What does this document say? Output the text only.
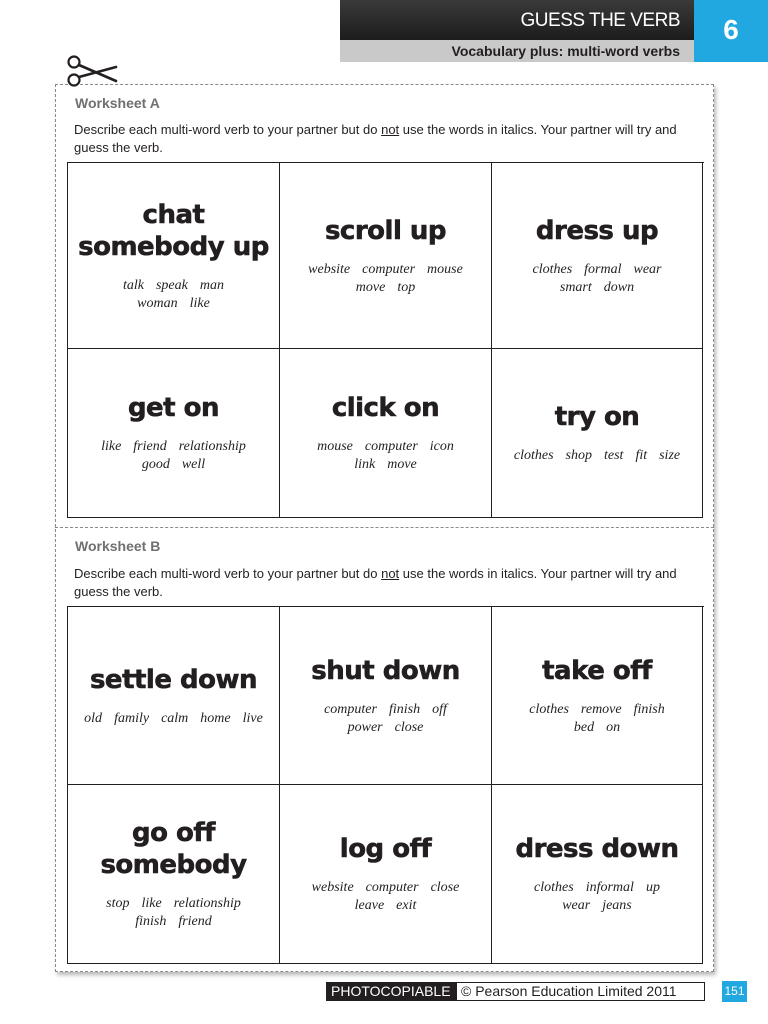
GUESS THE VERB
Vocabulary plus: multi-word verbs
6
Worksheet A
Describe each multi-word verb to your partner but do not use the words in italics. Your partner will try and guess the verb.
chat
somebody up
talk speak man
woman like
scroll up
website computer mouse
move top
dress up
clothes formal wear
smart down
get on
like friend relationship
good well
click on
mouse computer icon
link move
try on
clothes shop test fit size
Worksheet B
Describe each multi-word verb to your partner but do not use the words in italics. Your partner will try and guess the verb.
settle down
old family calm home live
shut down
computer finish off
power close
take off
clothes remove finish
bed on
go off
somebody
stop like relationship
finish friend
log off
website computer close
leave exit
dress down
clothes informal up
wear jeans
PHOTOCOPIABLE © Pearson Education Limited 2011	151
